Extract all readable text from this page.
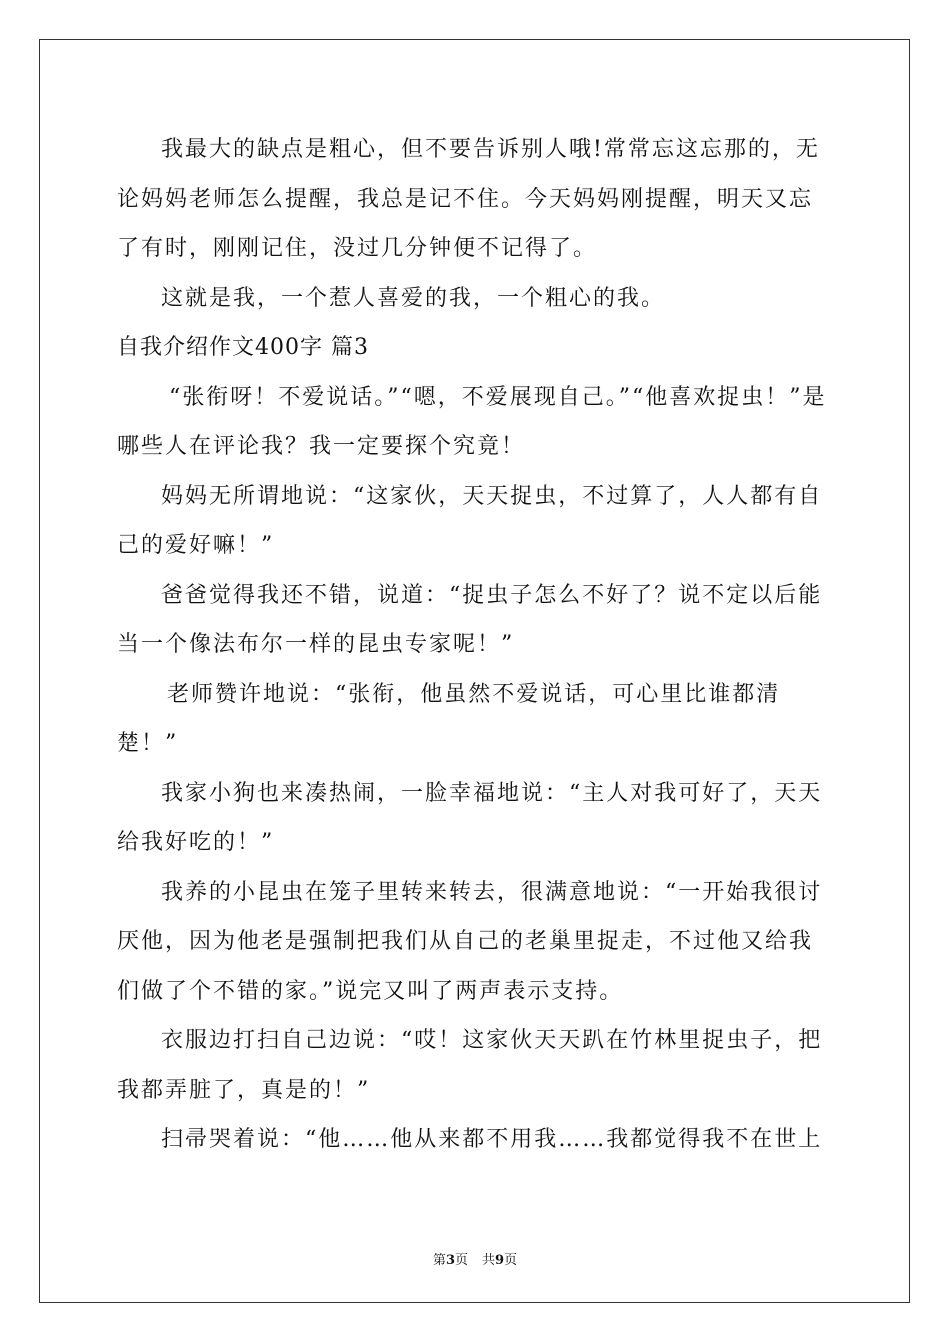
我最大的缺点是粗心，但不要告诉别人哦!常常忘这忘那的，无论妈妈老师怎么提醒，我总是记不住。今天妈妈刚提醒，明天又忘了有时，刚刚记住，没过几分钟便不记得了。

这就是我，一个惹人喜爱的我，一个粗心的我。

自我介绍作文400字 篇3

“张衔呀！不爱说话。”“嗯，不爱展现自己。”“他喜欢捉虫！”是哪些人在评论我？我一定要探个究竟！

妈妈无所谓地说：“这家伙，天天捉虫，不过算了，人人都有自己的爱好嘛！”

爸爸觉得我还不错，说道：“捉虫子怎么不好了？说不定以后能当一个像法布尔一样的昆虫专家呢！”

老师赞许地说：“张衔，他虽然不爱说话，可心里比谁都清楚！”

我家小狗也来凑热闹，一脸幸福地说：“主人对我可好了，天天给我好吃的！”

我养的小昆虫在笼子里转来转去，很满意地说：“一开始我很讨厌他，因为他老是强制把我们从自己的老巢里捉走，不过他又给我们做了个不错的家。”说完又叫了两声表示支持。

衣服边打扫自己边说：“哎！这家伙天天趴在竹林里捉虫子，把我都弄脏了，真是的！”

扫帚哭着说：“他……他从来都不用我……我都觉得我不在世上

第3页 共9页
